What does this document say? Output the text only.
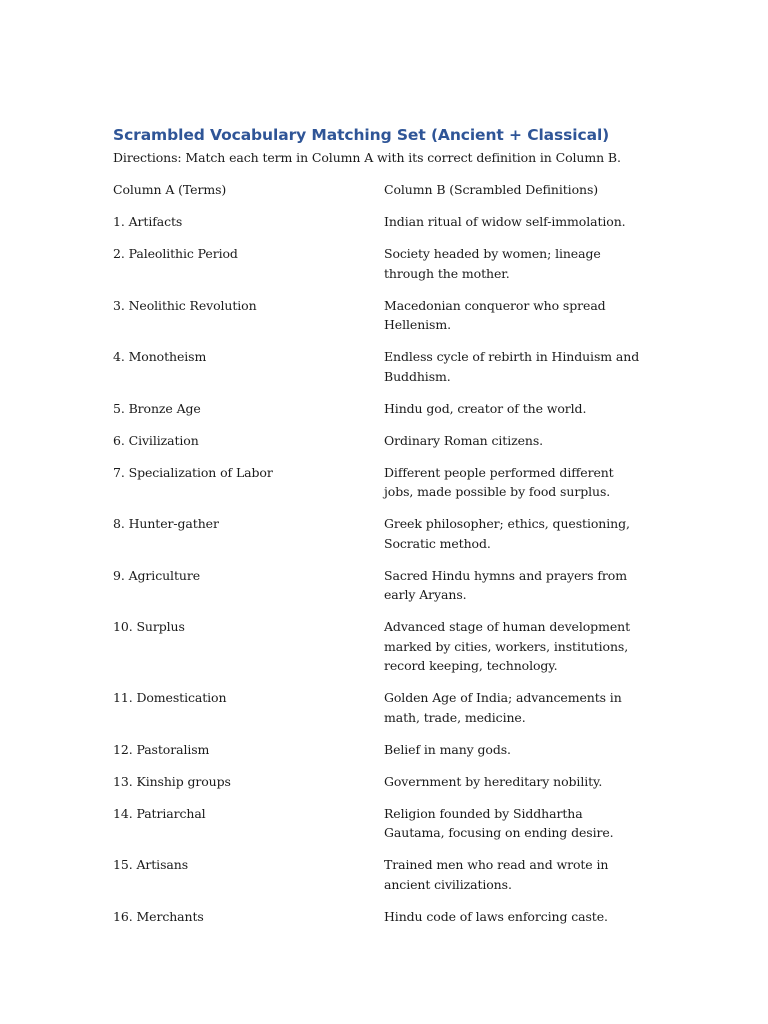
Scrambled Vocabulary Matching Set (Ancient + Classical)
Directions: Match each term in Column A with its correct definition in Column B.
Column A (Terms)	Column B (Scrambled Definitions)
1. Artifacts	Indian ritual of widow self-immolation.
2. Paleolithic Period	Society headed by women; lineage through the mother.
3. Neolithic Revolution	Macedonian conqueror who spread Hellenism.
4. Monotheism	Endless cycle of rebirth in Hinduism and Buddhism.
5. Bronze Age	Hindu god, creator of the world.
6. Civilization	Ordinary Roman citizens.
7. Specialization of Labor	Different people performed different jobs, made possible by food surplus.
8. Hunter-gather	Greek philosopher; ethics, questioning, Socratic method.
9. Agriculture	Sacred Hindu hymns and prayers from early Aryans.
10. Surplus	Advanced stage of human development marked by cities, workers, institutions, record keeping, technology.
11. Domestication	Golden Age of India; advancements in math, trade, medicine.
12. Pastoralism	Belief in many gods.
13. Kinship groups	Government by hereditary nobility.
14. Patriarchal	Religion founded by Siddhartha Gautama, focusing on ending desire.
15. Artisans	Trained men who read and wrote in ancient civilizations.
16. Merchants	Hindu code of laws enforcing caste.
